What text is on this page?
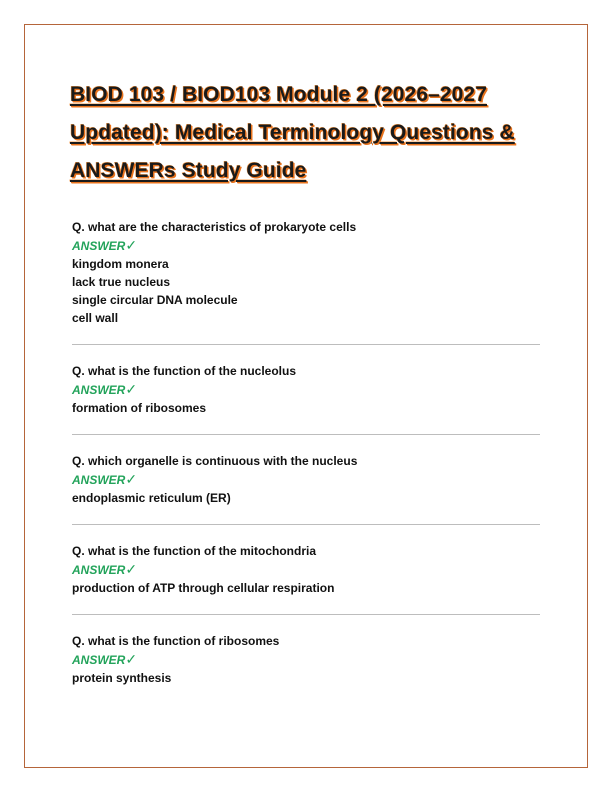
BIOD 103 / BIOD103 Module 2 (2026–2027 Updated): Medical Terminology Questions & ANSWERs Study Guide
Q. what are the characteristics of prokaryote cells
ANSWER✓
kingdom monera
lack true nucleus
single circular DNA molecule
cell wall
Q. what is the function of the nucleolus
ANSWER✓
formation of ribosomes
Q. which organelle is continuous with the nucleus
ANSWER✓
endoplasmic reticulum (ER)
Q. what is the function of the mitochondria
ANSWER✓
production of ATP through cellular respiration
Q. what is the function of ribosomes
ANSWER✓
protein synthesis
